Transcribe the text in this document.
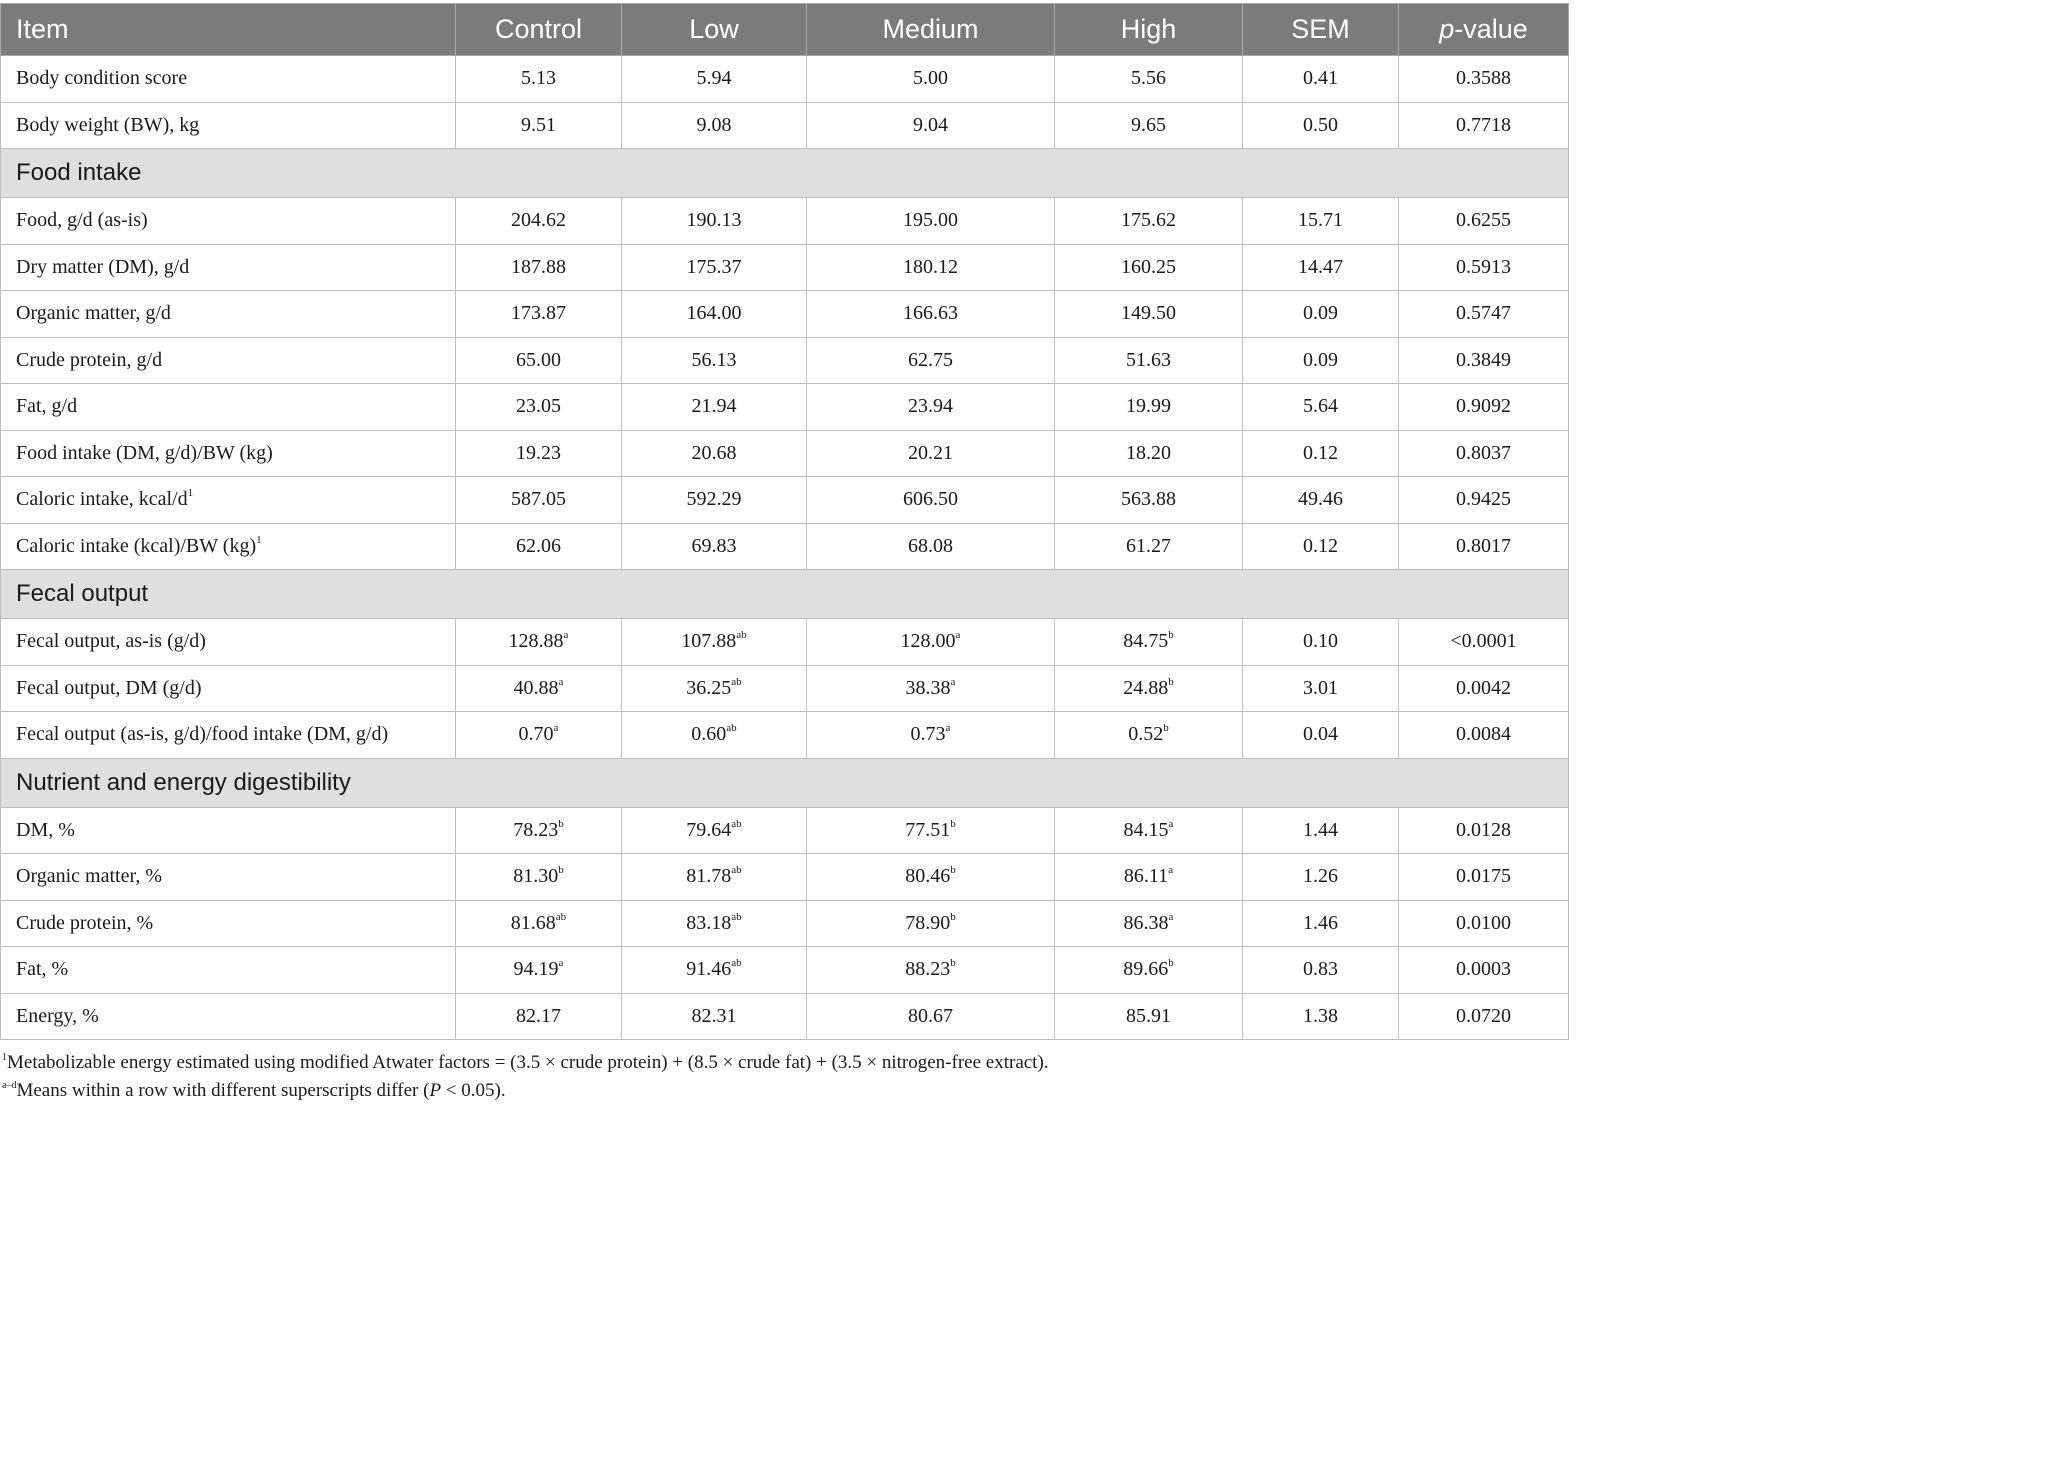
Item	Control	Low	Medium	High	SEM	p-value
Body condition score	5.13	5.94	5.00	5.56	0.41	0.3588
Body weight (BW), kg	9.51	9.08	9.04	9.65	0.50	0.7718
Food intake						
Food, g/d (as-is)	204.62	190.13	195.00	175.62	15.71	0.6255
Dry matter (DM), g/d	187.88	175.37	180.12	160.25	14.47	0.5913
Organic matter, g/d	173.87	164.00	166.63	149.50	0.09	0.5747
Crude protein, g/d	65.00	56.13	62.75	51.63	0.09	0.3849
Fat, g/d	23.05	21.94	23.94	19.99	5.64	0.9092
Food intake (DM, g/d)/BW (kg)	19.23	20.68	20.21	18.20	0.12	0.8037
Caloric intake, kcal/$d^1$	587.05	592.29	606.50	563.88	49.46	0.9425
Caloric intake (kcal)/BW (kg)$^1$	62.06	69.83	68.08	61.27	0.12	0.8017
Fecal output						
Fecal output, as-is (g/d)	128.88$^a$	107.88$^{ab}$	128.00$^a$	84.75$^b$	0.10	<0.0001
Fecal output, DM (g/d)	40.88$^a$	36.25$^{ab}$	38.38$^a$	24.88$^b$	3.01	0.0042
Fecal output (as-is, g/d)/food intake (DM, g/d)	0.70$^a$	0.60$^{ab}$	0.73$^a$	0.52$^b$	0.04	0.0084
Nutrient and energy digestibility						
DM, %	78.23$^b$	79.64$^{ab}$	77.51$^b$	84.15$^a$	1.44	0.0128
Organic matter, %	81.30$^b$	81.78$^{ab}$	80.46$^b$	86.11$^a$	1.26	0.0175
Crude protein, %	81.68$^{ab}$	83.18$^{ab}$	78.90$^b$	86.38$^a$	1.46	0.0100
Fat, %	94.19$^a$	91.46$^{ab}$	88.23$^b$	89.66$^b$	0.83	0.0003
Energy, %	82.17	82.31	80.67	85.91	1.38	0.0720

$^1$Metabolizable energy estimated using modified Atwater factors = (3.5 × crude protein) + (8.5 × crude fat) + (3.5 × nitrogen-free extract).

$^{a-d}$Means within a row with different superscripts differ (P < 0.05).
